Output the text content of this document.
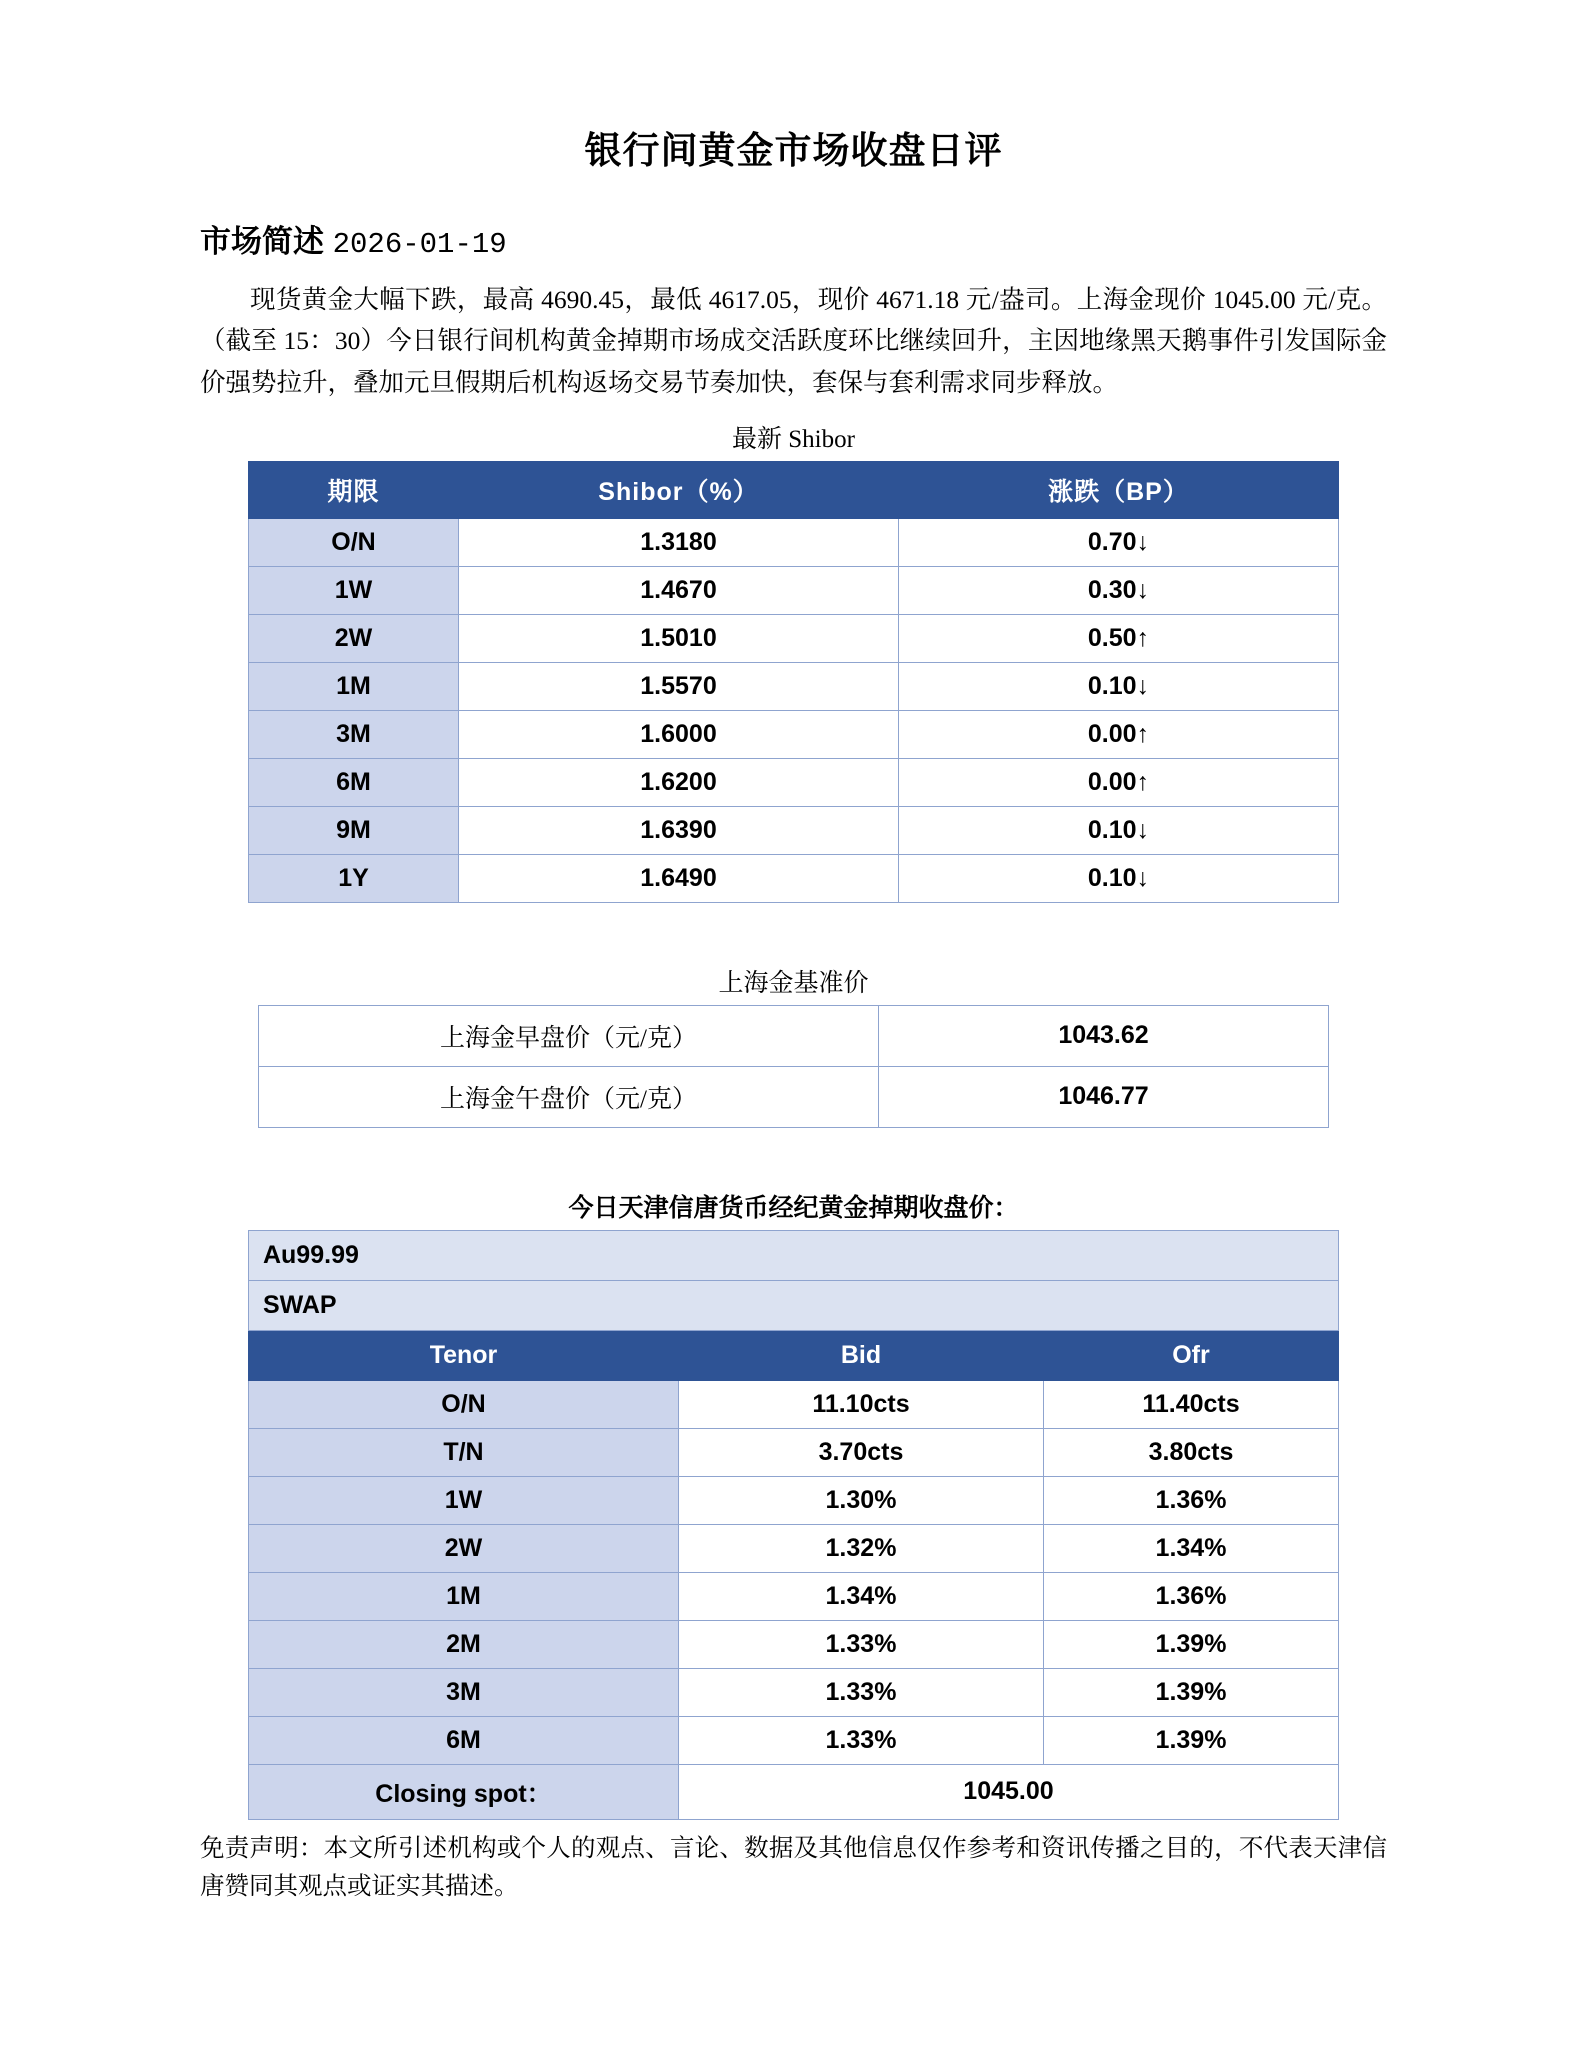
银行间黄金市场收盘日评
市场简述 2026-01-19

现货黄金大幅下跌，最高 4690.45，最低 4617.05，现价 4671.18 元/盎司。上海金现价 1045.00 元/克。（截至 15：30）今日银行间机构黄金掉期市场成交活跃度环比继续回升，主因地缘黑天鹅事件引发国际金价强势拉升，叠加元旦假期后机构返场交易节奏加快，套保与套利需求同步释放。

最新 Shibor
期限	Shibor（%）	涨跌（BP）
O/N	1.3180	0.70↓
1W	1.4670	0.30↓
2W	1.5010	0.50↑
1M	1.5570	0.10↓
3M	1.6000	0.00↑
6M	1.6200	0.00↑
9M	1.6390	0.10↓
1Y	1.6490	0.10↓
上海金基准价
上海金早盘价（元/克）	1043.62
上海金午盘价（元/克）	1046.77
今日天津信唐货币经纪黄金掉期收盘价：
Au99.99		
SWAP		
Tenor	Bid	Ofr
O/N	11.10cts	11.40cts
T/N	3.70cts	3.80cts
1W	1.30%	1.36%
2W	1.32%	1.34%
1M	1.34%	1.36%
2M	1.33%	1.39%
3M	1.33%	1.39%
6M	1.33%	1.39%
Closing spot：	1045.00	

免责声明：本文所引述机构或个人的观点、言论、数据及其他信息仅作参考和资讯传播之目的，不代表天津信唐赞同其观点或证实其描述。
